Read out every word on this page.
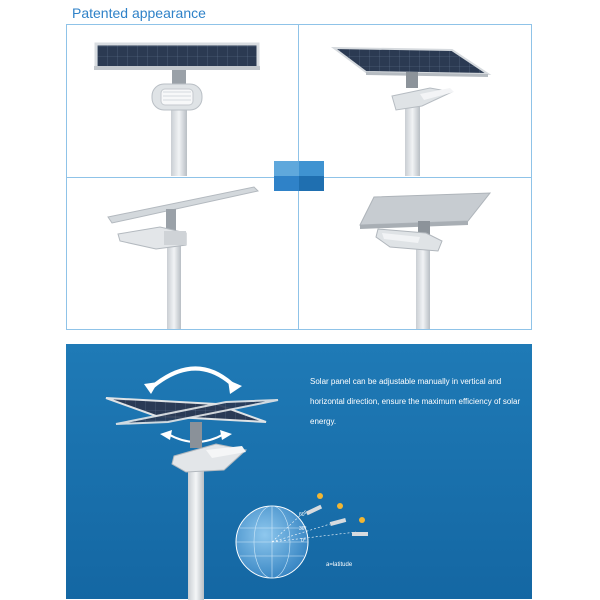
Patented appearance
Solar panel can be adjustable manually in vertical and horizontal direction, ensure the maximum efficiency of solar energy.
60°
30°
0°
a=latitude
